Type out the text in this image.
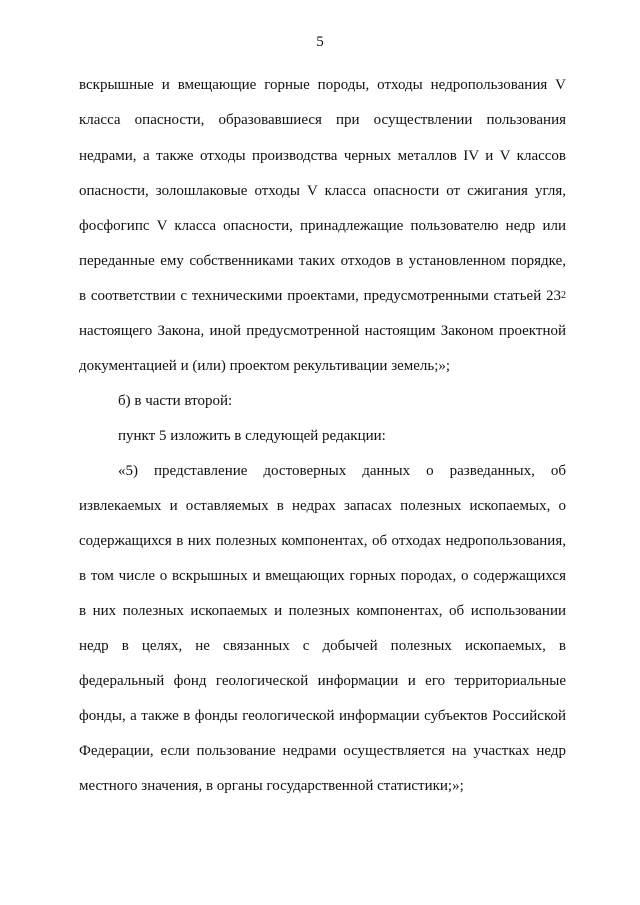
5
вскрышные и вмещающие горные породы, отходы недропользования V
класса опасности, образовавшиеся при осуществлении пользования
недрами, а также отходы производства черных металлов IV и V классов
опасности, золошлаковые отходы V класса опасности от сжигания угля,
фосфогипс V класса опасности, принадлежащие пользователю недр или
переданные ему собственниками таких отходов в установленном порядке,
в соответствии с техническими проектами, предусмотренными статьей $23^2$
настоящего Закона, иной предусмотренной настоящим Законом проектной
документацией и (или) проектом рекультивации земель;»;
б) в части второй:
пункт 5 изложить в следующей редакции:
«5) представление достоверных данных о разведанных, об
извлекаемых и оставляемых в недрах запасах полезных ископаемых, о
содержащихся в них полезных компонентах, об отходах недропользования,
в том числе о вскрышных и вмещающих горных породах, о содержащихся
в них полезных ископаемых и полезных компонентах, об использовании
недр в целях, не связанных с добычей полезных ископаемых, в
федеральный фонд геологической информации и его территориальные
фонды, а также в фонды геологической информации субъектов Российской
Федерации, если пользование недрами осуществляется на участках недр
местного значения, в органы государственной статистики;»;
